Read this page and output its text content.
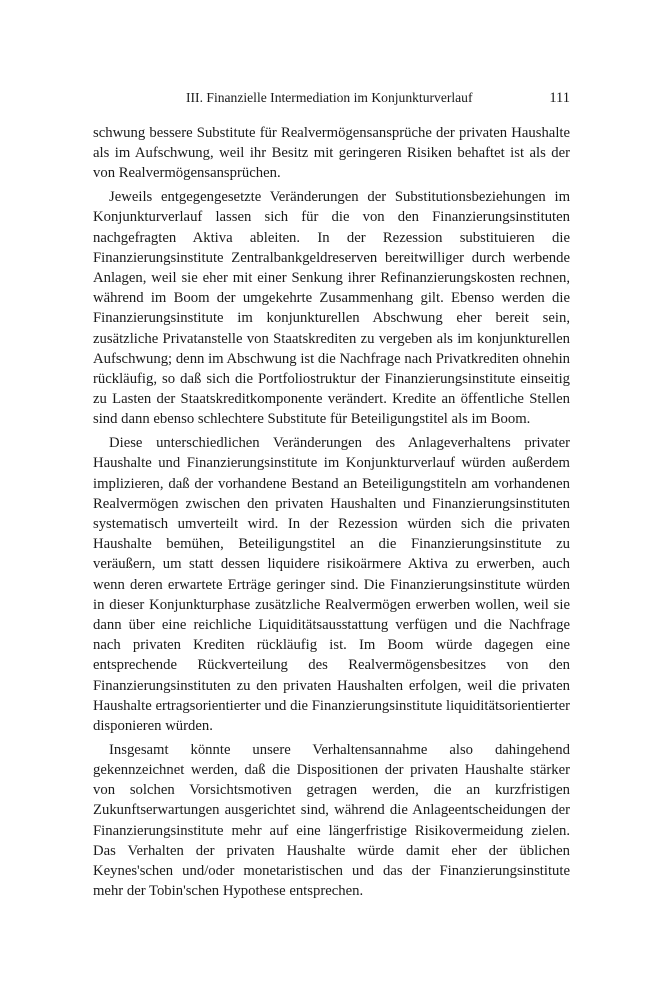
III. Finanzielle Intermediation im Konjunkturverlauf	111

schwung bessere Substitute für Realvermögensansprüche der privaten Haushalte als im Aufschwung, weil ihr Besitz mit geringeren Risiken behaftet ist als der von Realvermögensansprüchen.

Jeweils entgegengesetzte Veränderungen der Substitutionsbeziehungen im Konjunkturverlauf lassen sich für die von den Finanzierungsinstituten nachgefragten Aktiva ableiten. In der Rezession substituieren die Finanzierungsinstitute Zentralbankgeldreserven bereitwilliger durch werbende Anlagen, weil sie eher mit einer Senkung ihrer Refinanzierungskosten rechnen, während im Boom der umgekehrte Zusammenhang gilt. Ebenso werden die Finanzierungsinstitute im konjunkturellen Abschwung eher bereit sein, zusätzliche Privatanstelle von Staatskrediten zu vergeben als im konjunkturellen Aufschwung; denn im Abschwung ist die Nachfrage nach Privatkrediten ohnehin rückläufig, so daß sich die Portfoliostruktur der Finanzierungsinstitute einseitig zu Lasten der Staatskreditkomponente verändert. Kredite an öffentliche Stellen sind dann ebenso schlechtere Substitute für Beteiligungstitel als im Boom.

Diese unterschiedlichen Veränderungen des Anlageverhaltens privater Haushalte und Finanzierungsinstitute im Konjunkturverlauf würden außerdem implizieren, daß der vorhandene Bestand an Beteiligungstiteln am vorhandenen Realvermögen zwischen den privaten Haushalten und Finanzierungsinstituten systematisch umverteilt wird. In der Rezession würden sich die privaten Haushalte bemühen, Beteiligungstitel an die Finanzierungsinstitute zu veräußern, um statt dessen liquidere risikoärmere Aktiva zu erwerben, auch wenn deren erwartete Erträge geringer sind. Die Finanzierungsinstitute würden in dieser Konjunkturphase zusätzliche Realvermögen erwerben wollen, weil sie dann über eine reichliche Liquiditätsausstattung verfügen und die Nachfrage nach privaten Krediten rückläufig ist. Im Boom würde dagegen eine entsprechende Rückverteilung des Realvermögensbesitzes von den Finanzierungsinstituten zu den privaten Haushalten erfolgen, weil die privaten Haushalte ertragsorientierter und die Finanzierungsinstitute liquiditätsorientierter disponieren würden.

Insgesamt könnte unsere Verhaltensannahme also dahingehend gekennzeichnet werden, daß die Dispositionen der privaten Haushalte stärker von solchen Vorsichtsmotiven getragen werden, die an kurzfristigen Zukunftserwartungen ausgerichtet sind, während die Anlageentscheidungen der Finanzierungsinstitute mehr auf eine längerfristige Risikovermeidung zielen. Das Verhalten der privaten Haushalte würde damit eher der üblichen Keynes'schen und/oder monetaristischen und das der Finanzierungsinstitute mehr der Tobin'schen Hypothese entsprechen.
